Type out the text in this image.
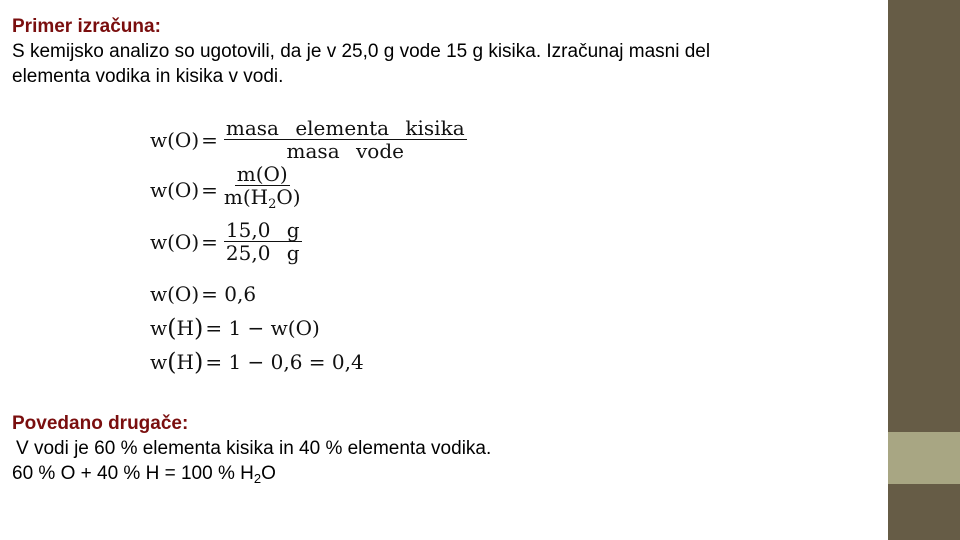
Primer izračuna:
S kemijsko analizo so ugotovili, da je v 25,0 g vode 15 g kisika. Izračunaj masni del
elementa vodika in kisika v vodi.
$w(O) = \frac{\text{masa elementa kisika}}{\text{masa vode}}$
$w(O) = \frac{m(O)}{m(H_2O)}$
$w(O) = \frac{15,0 g}{25,0 g}$
w(O) = 0,6
w ( H ) = 1 − w(O)
w ( H ) = 1 − 0,6 = 0,4
Povedano drugače:
V vodi je 60 % elementa kisika in 40 % elementa vodika.
60 % O + 40 % H = 100 % $H_2O$
